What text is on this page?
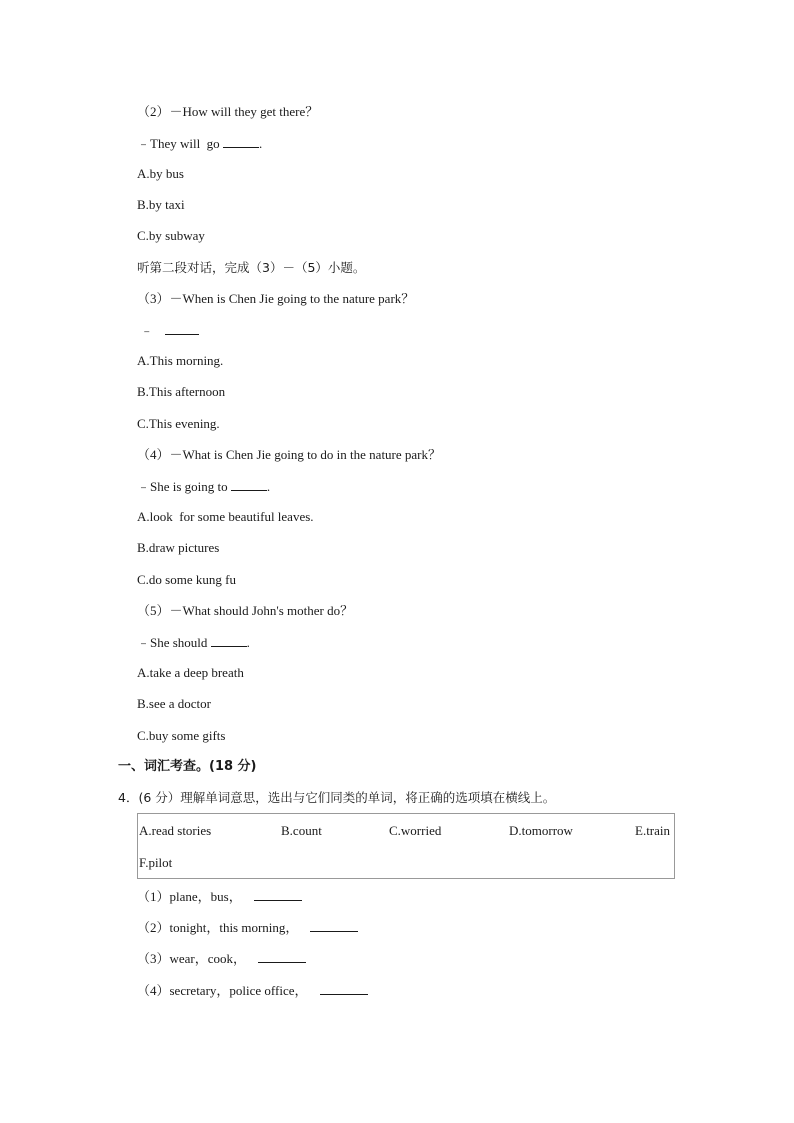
（2）－How will they get there？
﹣They will  go	.
A.by bus
B.by taxi
C.by subway
听第二段对话，完成（3）－（5）小题。
（3）－When is Chen Jie going to the nature park？
﹣
A.This morning.
B.This afternoon
C.This evening.
（4）－What is Chen Jie going to do in the nature park？
﹣She is going to	.
A.look  for some beautiful leaves.
B.draw pictures
C.do some kung fu
（5）－What should John's mother do？
﹣She should	.
A.take a deep breath
B.see a doctor
C.buy some gifts
一、词汇考查。(18 分)
4．(6 分）理解单词意思，选出与它们同类的单词，将正确的选项填在横线上。
A.read stories	B.count	C.worried	D.tomorrow	E.train
F.pilot
（1）plane，bus，
（2）tonight，this morning，
（3）wear，cook，
（4）secretary，police office，
